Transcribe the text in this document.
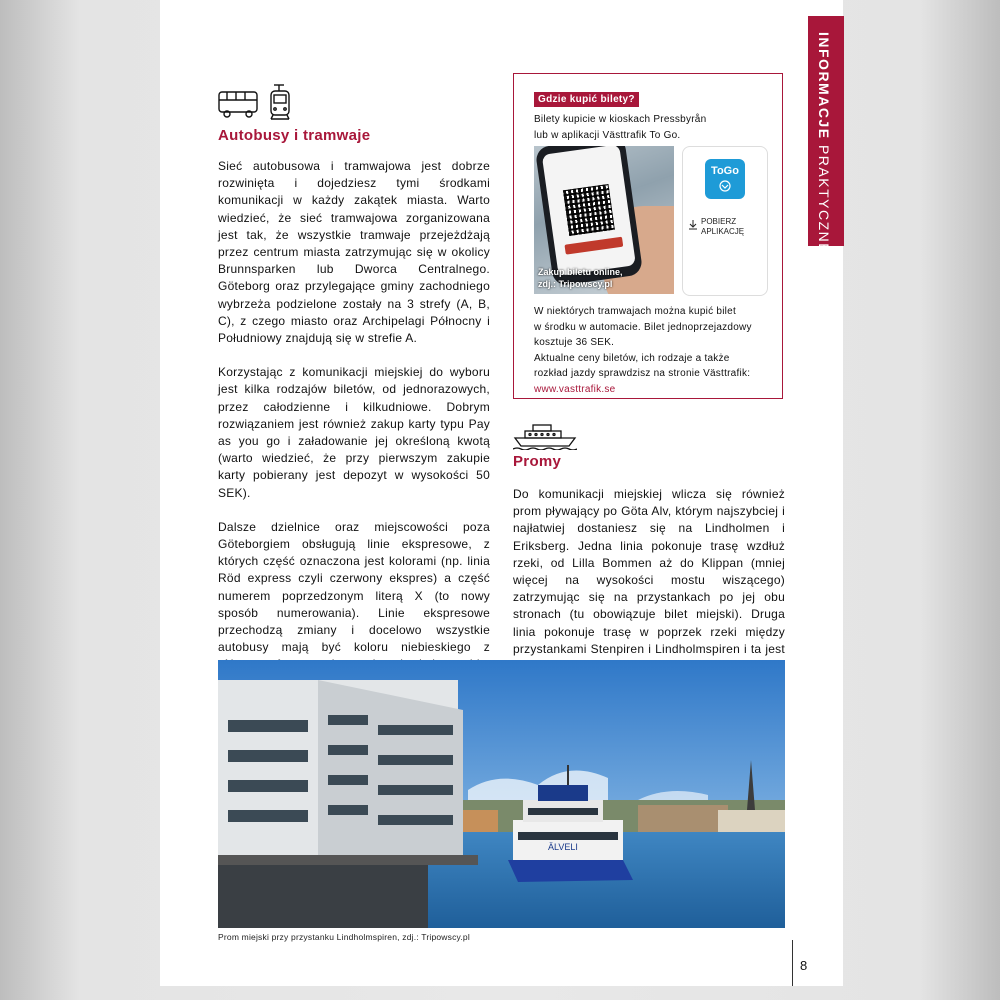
INFORMACJE PRAKTYCZNE
Autobusy i tramwaje

Sieć autobusowa i tramwajowa jest dobrze rozwinięta i dojedziesz tymi środkami komunikacji w każdy zakątek miasta. Warto wiedzieć, że sieć tramwajowa zorganizowana jest tak, że wszystkie tramwaje przejeżdżają przez centrum miasta zatrzymując się w okolicy Brunnsparken lub Dworca Centralnego. Göteborg oraz przylegające gminy zachodniego wybrzeża podzielone zostały na 3 strefy (A, B, C), z czego miasto oraz Archipelagi Północny i Południowy znajdują się w strefie A.

Korzystając z komunikacji miejskiej do wyboru jest kilka rodzajów biletów, od jednorazowych, przez całodzienne i kilkudniowe. Dobrym rozwiązaniem jest również zakup karty typu Pay as you go i załadowanie jej określoną kwotą (warto wiedzieć, że przy pierwszym zakupie karty pobierany jest depozyt w wysokości 50 SEK).

Dalsze dzielnice oraz miejscowości poza Göteborgiem obsługują linie ekspresowe, z których część oznaczona jest kolorami (np. linia Röd express czyli czerwony ekspres) a część numerem poprzedzonym literą X (to nowy sposób numerowania). Linie ekspresowe przechodzą zmiany i docelowo wszystkie autobusy mają być koloru niebieskiego z

Gdzie kupić bilety?
Bilety kupicie w kioskach Pressbyrån
lub w aplikacji Västtrafik To Go.
Zakup biletu online,
zdj.: Tripowscy.pl
ToGo
POBIERZ
APLIKACJĘ
W niektórych tramwajach można kupić bilet
w środku w automacie. Bilet jednoprzejazdowy
kosztuje 36 SEK.
Aktualne ceny biletów, ich rodzaje a także
rozkład jazdy sprawdzisz na stronie Västtrafik:
www.vasttrafik.se
Promy

Do komunikacji miejskiej wlicza się również prom pływający po Göta Alv, którym najszybciej i najłatwiej dostaniesz się na Lindholmen i Eriksberg. Jedna linia pokonuje trasę wzdłuż rzeki, od Lilla Bommen aż do Klippan (mniej więcej na wysokości mostu wiszącego) zatrzymując się na przystankach po jej obu stronach (tu obowiązuje bilet miejski). Druga linia pokonuje trasę w poprzek rzeki między przystankami Stenpiren i Lindholmspiren i ta jest

ÄLVELI
Prom miejski przy przystanku Lindholmspiren, zdj.: Tripowscy.pl
8
